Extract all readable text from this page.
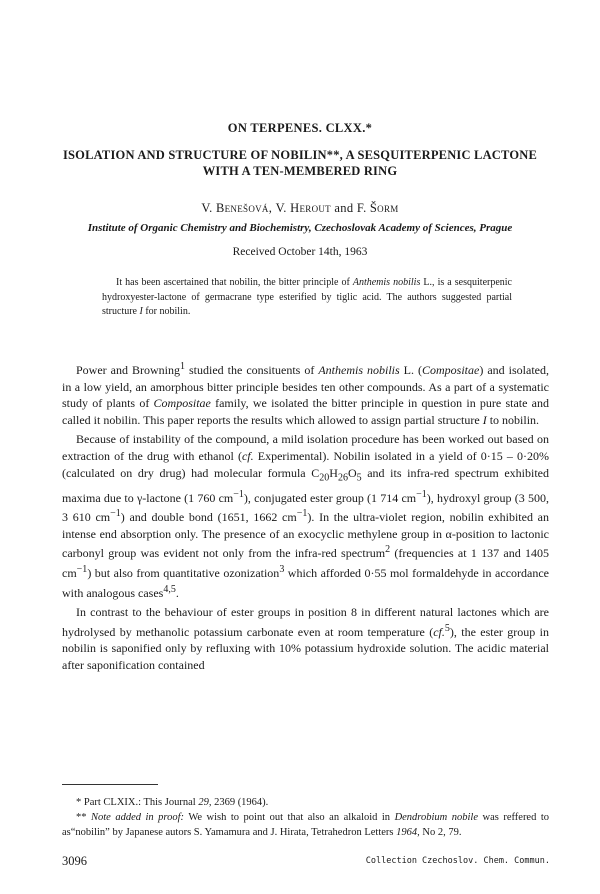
ON TERPENES. CLXX.*
ISOLATION AND STRUCTURE OF NOBILIN**, A SESQUITERPENIC LACTONE WITH A TEN-MEMBERED RING
V. Benešová, V. Herout and F. Šorm
Institute of Organic Chemistry and Biochemistry, Czechoslovak Academy of Sciences, Prague
Received October 14th, 1963
It has been ascertained that nobilin, the bitter principle of Anthemis nobilis L., is a sesquiterpenic hydroxyester-lactone of germacrane type esterified by tiglic acid. The authors suggested partial structure I for nobilin.

Power and Browning$^1$ studied the consituents of Anthemis nobilis L. (Compositae) and isolated, in a low yield, an amorphous bitter principle besides ten other compounds. As a part of a systematic study of plants of Compositae family, we isolated the bitter principle in question in pure state and called it nobilin. This paper reports the results which allowed to assign partial structure I to nobilin.

Because of instability of the compound, a mild isolation procedure has been worked out based on extraction of the drug with ethanol (cf. Experimental). Nobilin isolated in a yield of 0·15 – 0·20% (calculated on dry drug) had molecular formula $C_{20}H_{26}O_5$ and its infra-red spectrum exhibited maxima due to γ-lactone (1 760 $cm^{-1}$), conjugated ester group (1 714 $cm^{-1}$), hydroxyl group (3 500, 3 610 $cm^{-1}$) and double bond (1651, 1662 $cm^{-1}$). In the ultra-violet region, nobilin exhibited an intense end absorption only. The presence of an exocyclic methylene group in α-position to lactonic carbonyl group was evident not only from the infra-red spectrum$^2$ (frequencies at 1 137 and 1405 $cm^{-1}$) but also from quantitative ozonization$^3$ which afforded 0·55 mol formaldehyde in accordance with analogous cases$^{4,5}$.

In contrast to the behaviour of ester groups in position 8 in different natural lactones which are hydrolysed by methanolic potassium carbonate even at room temperature (cf.$^5$), the ester group in nobilin is saponified only by refluxing with 10% potassium hydroxide solution. The acidic material after saponification contained

* Part CLXIX.: This Journal 29, 2369 (1964).

** Note added in proof: We wish to point out that also an alkaloid in Dendrobium nobile was reffered to as“nobilin” by Japanese autors S. Yamamura and J. Hirata, Tetrahedron Letters 1964, No 2, 79.

3096	Collection Czechoslov. Chem. Commun.
